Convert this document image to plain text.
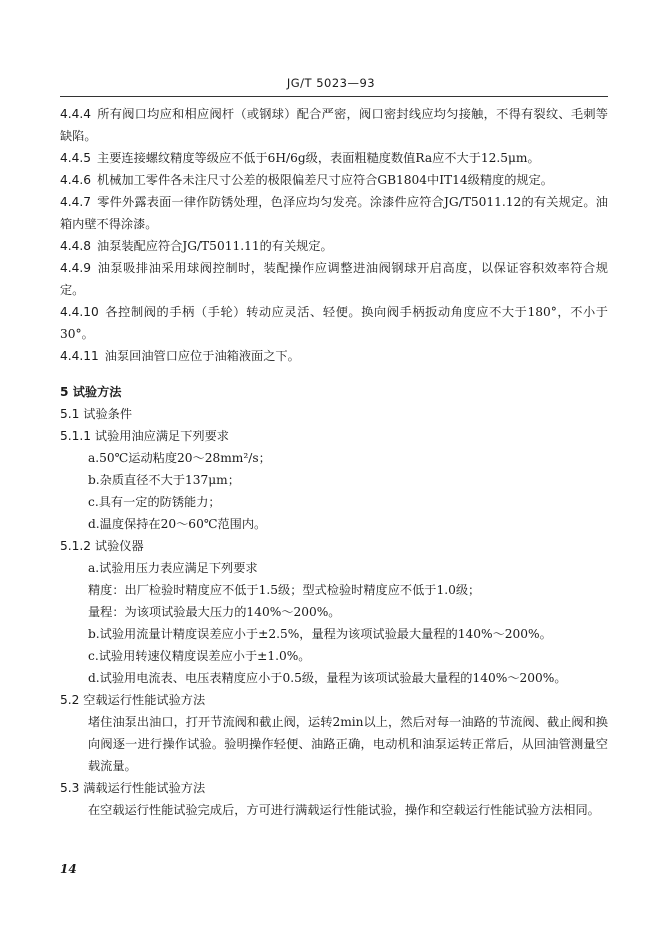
JG/T 5023—93

4.4.4 所有阀口均应和相应阀杆（或钢球）配合严密，阀口密封线应均匀接触，不得有裂纹、毛刺等缺陷。

4.4.5 主要连接螺纹精度等级应不低于6H/6g级，表面粗糙度数值Ra应不大于12.5μm。

4.4.6 机械加工零件各未注尺寸公差的极限偏差尺寸应符合GB1804中IT14级精度的规定。

4.4.7 零件外露表面一律作防锈处理，色泽应均匀发亮。涂漆件应符合JG/T5011.12的有关规定。油箱内壁不得涂漆。

4.4.8 油泵装配应符合JG/T5011.11的有关规定。

4.4.9 油泵吸排油采用球阀控制时，装配操作应调整进油阀钢球开启高度，以保证容积效率符合规定。

4.4.10 各控制阀的手柄（手轮）转动应灵活、轻便。换向阀手柄扳动角度应不大于180°，不小于30°。

4.4.11 油泵回油管口应位于油箱液面之下。

5 试验方法

5.1 试验条件

5.1.1 试验用油应满足下列要求

a.50℃运动粘度20～28mm²/s；

b.杂质直径不大于137μm；

c.具有一定的防锈能力；

d.温度保持在20～60℃范围内。

5.1.2 试验仪器

a.试验用压力表应满足下列要求

精度：出厂检验时精度应不低于1.5级；型式检验时精度应不低于1.0级；

量程：为该项试验最大压力的140%～200%。

b.试验用流量计精度误差应小于±2.5%，量程为该项试验最大量程的140%～200%。

c.试验用转速仪精度误差应小于±1.0%。

d.试验用电流表、电压表精度应小于0.5级，量程为该项试验最大量程的140%～200%。

5.2 空载运行性能试验方法

堵住油泵出油口，打开节流阀和截止阀，运转2min以上，然后对每一油路的节流阀、截止阀和换向阀逐一进行操作试验。验明操作轻便、油路正确，电动机和油泵运转正常后，从回油管测量空载流量。

5.3 满载运行性能试验方法

在空载运行性能试验完成后，方可进行满载运行性能试验，操作和空载运行性能试验方法相同。

14
